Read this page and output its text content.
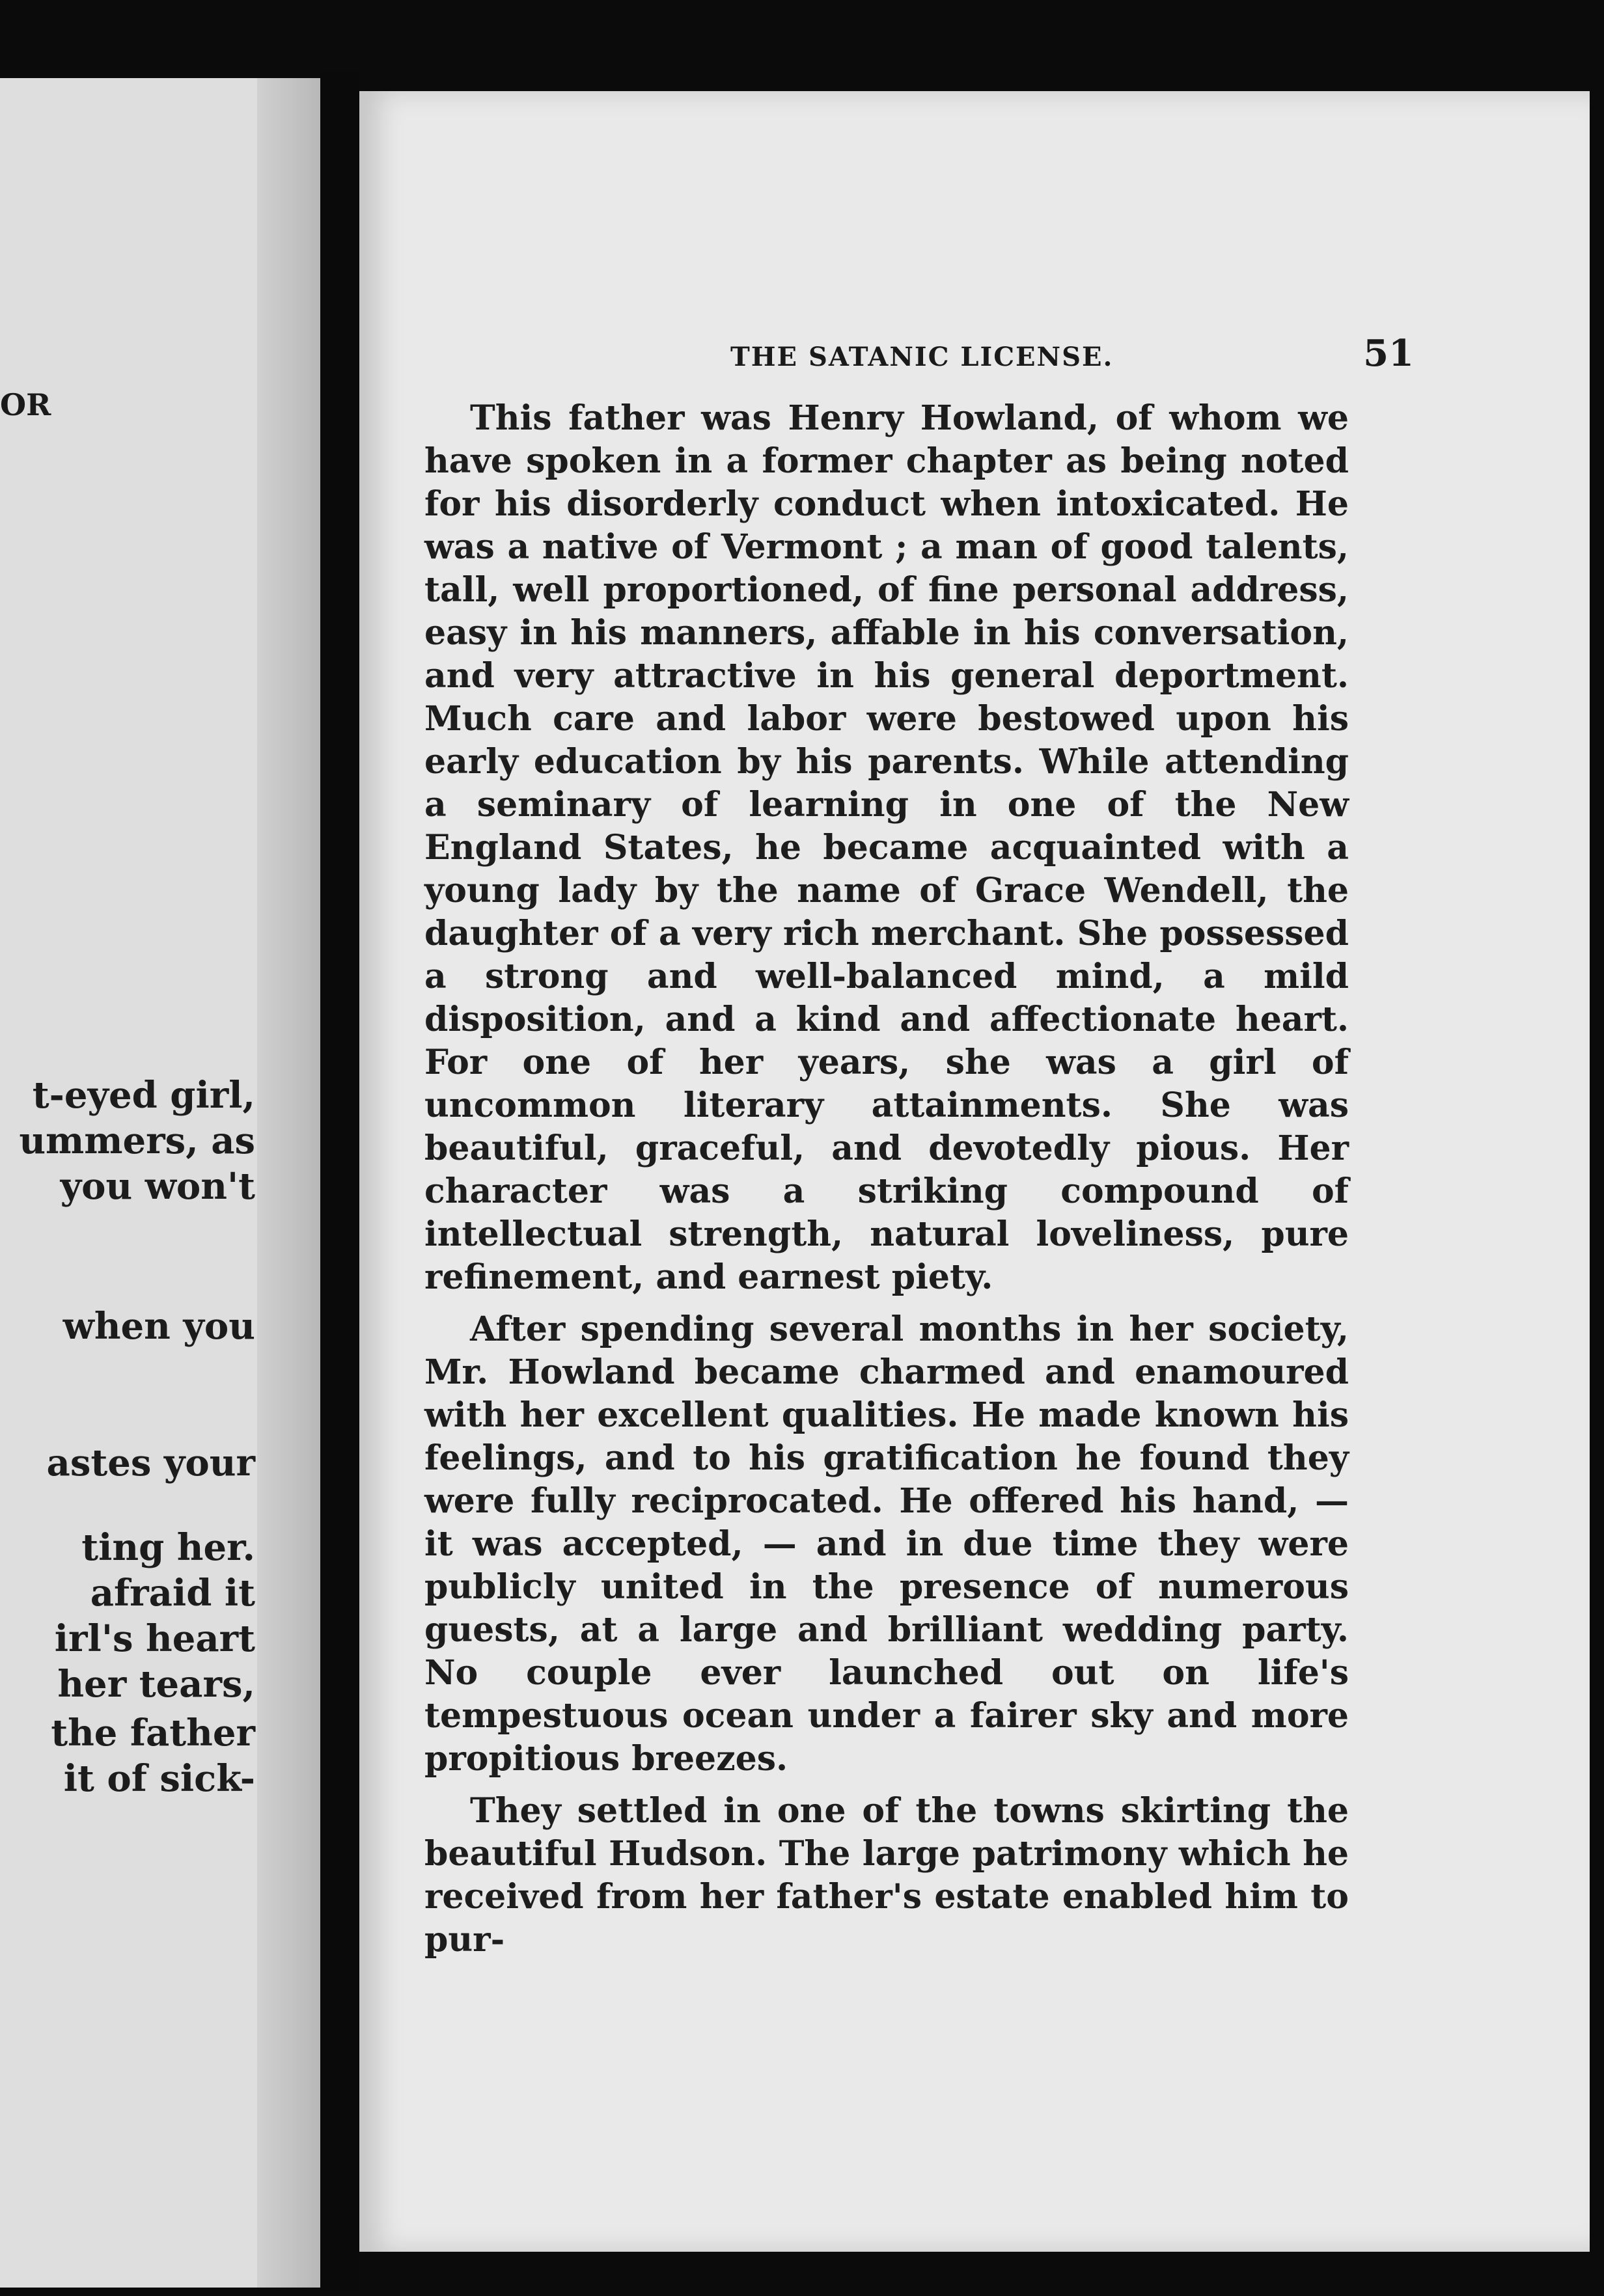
OR
t-eyed girl,
ummers, as
you won't
when you
astes your
ting her.
afraid it
irl's heart
her tears,
the father
it of sick-
THE SATANIC LICENSE.	51

This father was Henry Howland, of whom we have spoken in a former chapter as being noted for his disorderly conduct when intoxicated. He was a native of Vermont ; a man of good talents, tall, well proportioned, of fine personal address, easy in his manners, affable in his conversation, and very attractive in his general deportment. Much care and labor were bestowed upon his early education by his parents. While attending a seminary of learning in one of the New England States, he became acquainted with a young lady by the name of Grace Wendell, the daughter of a very rich merchant. She possessed a strong and well-balanced mind, a mild disposition, and a kind and affectionate heart. For one of her years, she was a girl of uncommon literary attainments. She was beautiful, graceful, and devotedly pious. Her character was a striking compound of intellectual strength, natural loveliness, pure refinement, and earnest piety.

After spending several months in her society, Mr. Howland became charmed and enamoured with her excellent qualities. He made known his feelings, and to his gratification he found they were fully reciprocated. He offered his hand, — it was accepted, — and in due time they were publicly united in the presence of numerous guests, at a large and brilliant wedding party. No couple ever launched out on life's tempestuous ocean under a fairer sky and more propitious breezes.

They settled in one of the towns skirting the beautiful Hudson. The large patrimony which he received from her father's estate enabled him to pur-
